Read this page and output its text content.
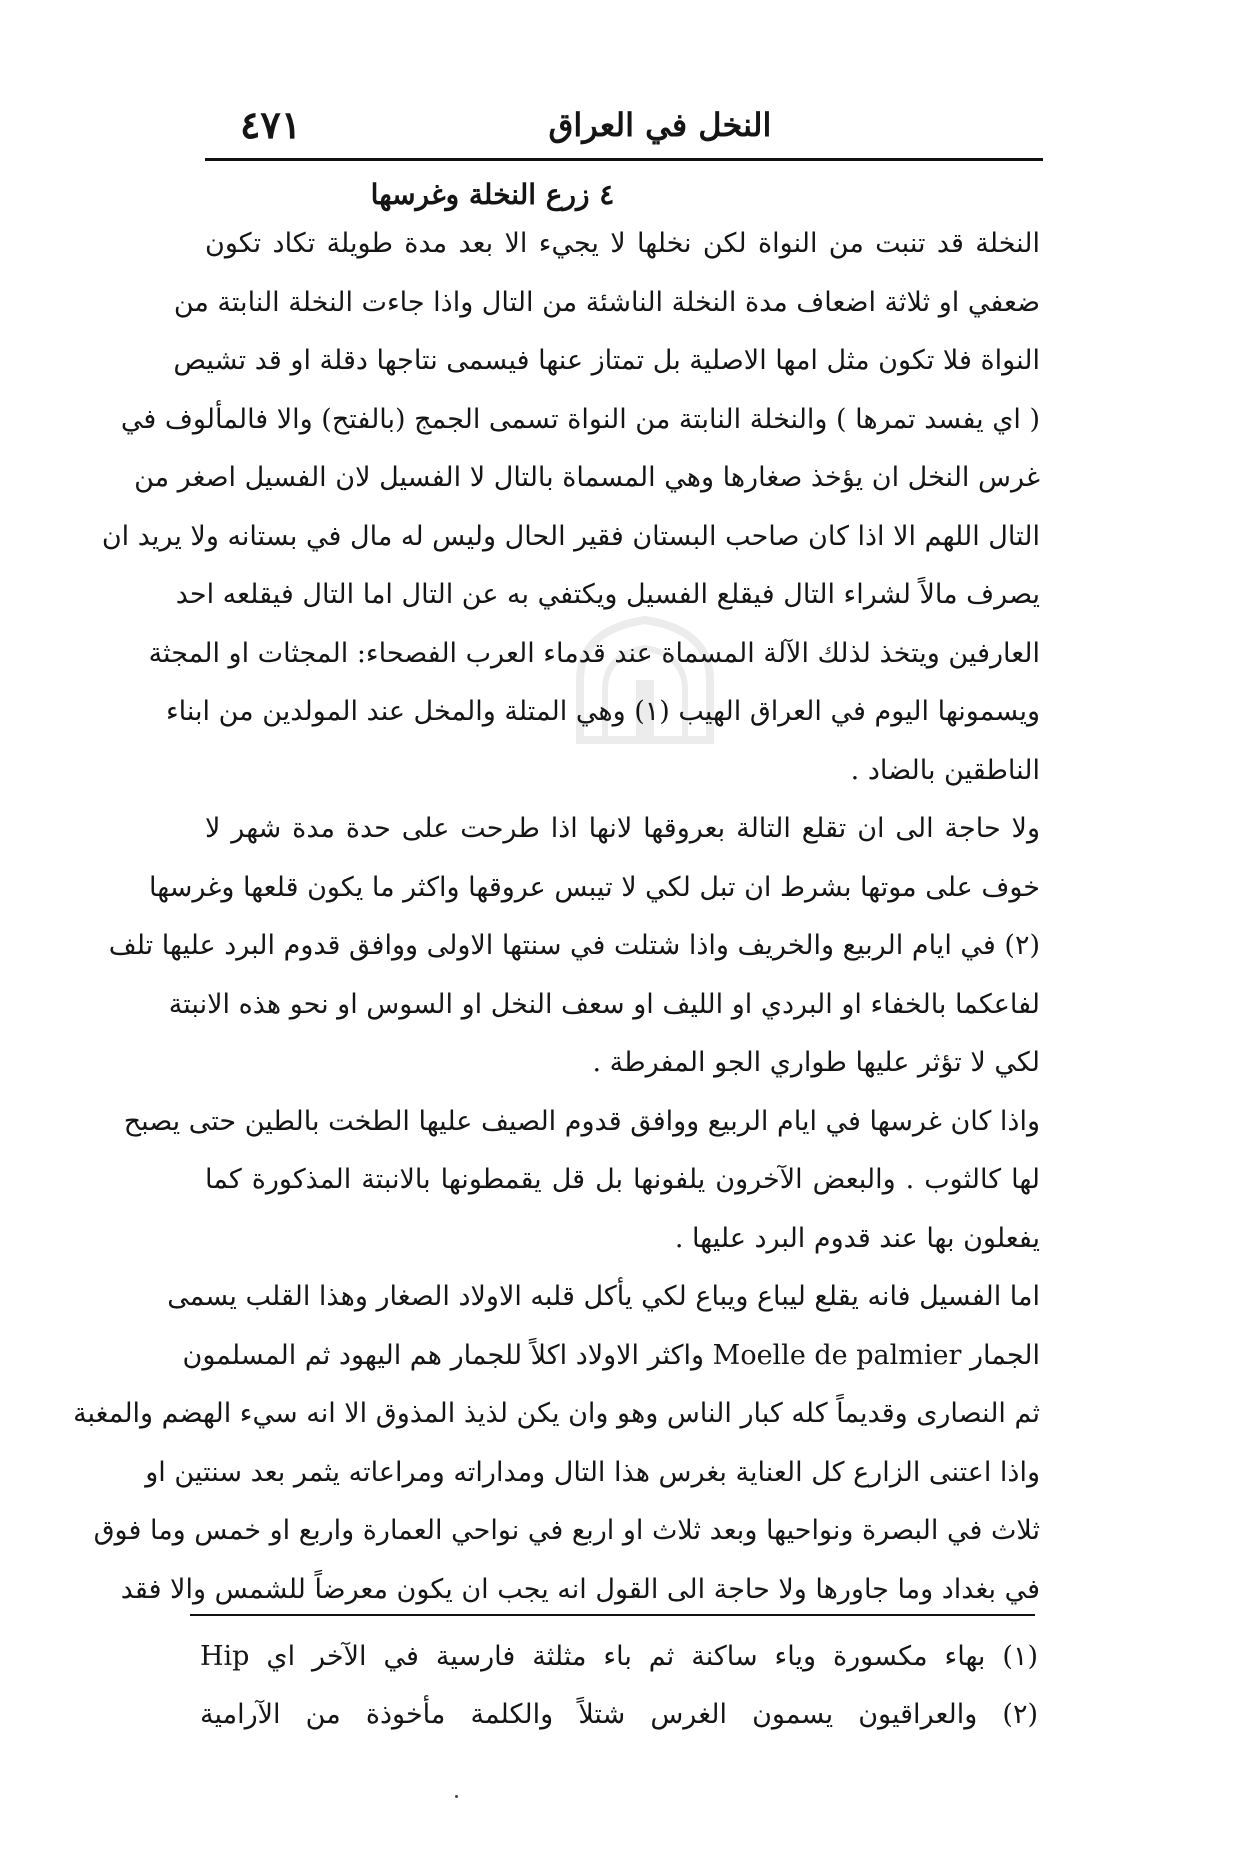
٤٧١	النخل في العراق
٤ زرع النخلة وغرسها
النخلة قد تنبت من النواة لكن نخلها لا يجيء الا بعد مدة طويلة تكاد تكون
ضعفي او ثلاثة اضعاف مدة النخلة الناشئة من التال واذا جاءت النخلة النابتة من
النواة فلا تكون مثل امها الاصلية بل تمتاز عنها فيسمى نتاجها دقلة او قد تشيص
( اي يفسد تمرها ) والنخلة النابتة من النواة تسمى الجمج (بالفتح) والا فالمألوف في
غرس النخل ان يؤخذ صغارها وهي المسماة بالتال لا الفسيل لان الفسيل اصغر من
التال اللهم الا اذا كان صاحب البستان فقير الحال وليس له مال في بستانه ولا يريد ان
يصرف مالاً لشراء التال فيقلع الفسيل ويكتفي به عن التال اما التال فيقلعه احد
العارفين ويتخذ لذلك الآلة المسماة عند قدماء العرب الفصحاء: المجثات او المجثة
ويسمونها اليوم في العراق الهيب (١) وهي المتلة والمخل عند المولدين من ابناء
الناطقين بالضاد .
ولا حاجة الى ان تقلع التالة بعروقها لانها اذا طرحت على حدة مدة شهر لا
خوف على موتها بشرط ان تبل لكي لا تيبس عروقها واكثر ما يكون قلعها وغرسها
(٢) في ايام الربيع والخريف واذا شتلت في سنتها الاولى ووافق قدوم البرد عليها تلف
لفاعكما بالخفاء او البردي او الليف او سعف النخل او السوس او نحو هذه الانبتة
لكي لا تؤثر عليها طواري الجو المفرطة .
واذا كان غرسها في ايام الربيع ووافق قدوم الصيف عليها الطخت بالطين حتى يصبح
لها كالثوب . والبعض الآخرون يلفونها بل قل يقمطونها بالانبتة المذكورة كما
يفعلون بها عند قدوم البرد عليها .
اما الفسيل فانه يقلع ليباع ويباع لكي يأكل قلبه الاولاد الصغار وهذا القلب يسمى
الجمار Moelle de palmier واكثر الاولاد اكلاً للجمار هم اليهود ثم المسلمون
ثم النصارى وقديماً كله كبار الناس وهو وان يكن لذيذ المذوق الا انه سيء الهضم والمغبة
واذا اعتنى الزارع كل العناية بغرس هذا التال ومداراته ومراعاته يثمر بعد سنتين او
ثلاث في البصرة ونواحيها وبعد ثلاث او اربع في نواحي العمارة واربع او خمس وما فوق
في بغداد وما جاورها ولا حاجة الى القول انه يجب ان يكون معرضاً للشمس والا فقد
(١) بهاء مكسورة وياء ساكنة ثم باء مثلثة فارسية في الآخر اي Hip
(٢) والعراقيون يسمون الغرس شتلاً والكلمة مأخوذة من الآرامية
